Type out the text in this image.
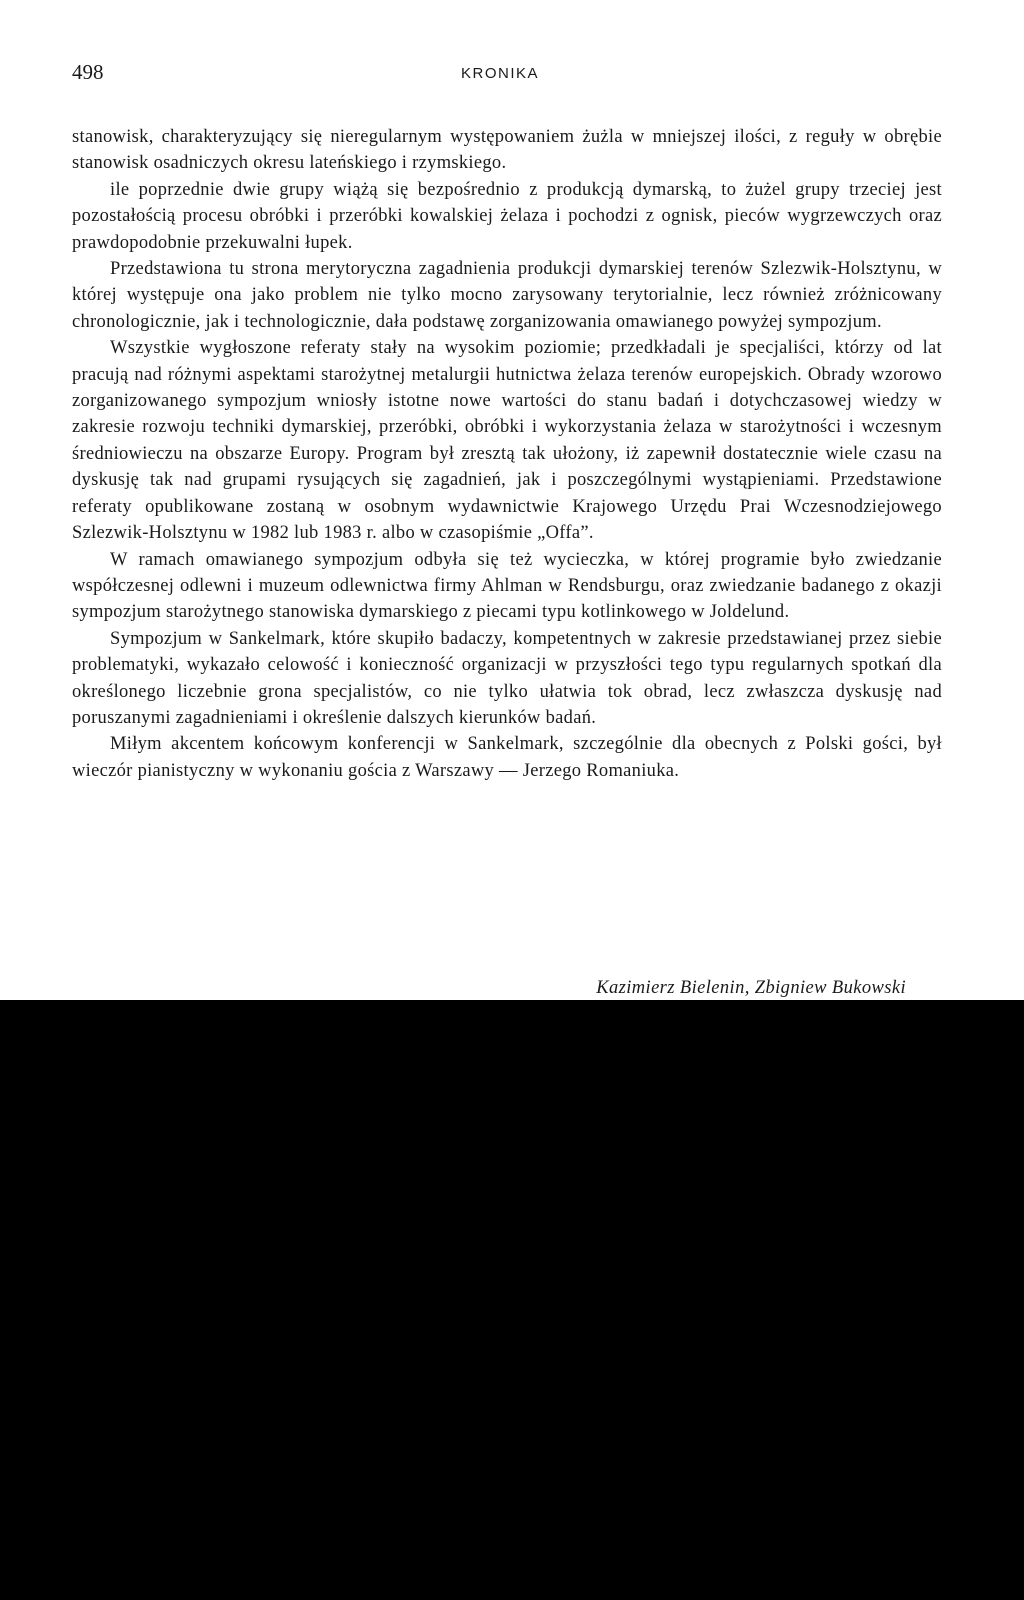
498	KRONIKA

stanowisk, charakteryzujący się nieregularnym występowaniem żużla w mniejszej ilości, z reguły w obrębie stanowisk osadniczych okresu lateńskiego i rzymskiego.

ile poprzednie dwie grupy wiążą się bezpośrednio z produkcją dymarską, to żużel grupy trzeciej jest pozostałością procesu obróbki i przeróbki kowalskiej żelaza i pochodzi z ognisk, pieców wygrzewczych oraz prawdopodobnie przekuwalni łupek.

Przedstawiona tu strona merytoryczna zagadnienia produkcji dymarskiej terenów Szlezwik-Holsztynu, w której występuje ona jako problem nie tylko mocno zarysowany terytorialnie, lecz również zróżnicowany chronologicznie, jak i technologicznie, dała podstawę zorganizowania omawianego powyżej sympozjum.

Wszystkie wygłoszone referaty stały na wysokim poziomie; przedkładali je specjaliści, którzy od lat pracują nad różnymi aspektami starożytnej metalurgii hutnictwa żelaza terenów europejskich. Obrady wzorowo zorganizowanego sympozjum wniosły istotne nowe wartości do stanu badań i dotychczasowej wiedzy w zakresie rozwoju techniki dymarskiej, przeróbki, obróbki i wykorzystania żelaza w starożytności i wczesnym średniowieczu na obszarze Europy. Program był zresztą tak ułożony, iż zapewnił dostatecznie wiele czasu na dyskusję tak nad grupami rysujących się zagadnień, jak i poszczególnymi wystąpieniami. Przedstawione referaty opublikowane zostaną w osobnym wydawnictwie Krajowego Urzędu Prai Wczesnodziejowego Szlezwik-Holsztynu w 1982 lub 1983 r. albo w czasopiśmie „Offa”.

W ramach omawianego sympozjum odbyła się też wycieczka, w której programie było zwiedzanie współczesnej odlewni i muzeum odlewnictwa firmy Ahlman w Rendsburgu, oraz zwiedzanie badanego z okazji sympozjum starożytnego stanowiska dymarskiego z piecami typu kotlinkowego w Joldelund.

Sympozjum w Sankelmark, które skupiło badaczy, kompetentnych w zakresie przedstawianej przez siebie problematyki, wykazało celowość i konieczność organizacji w przyszłości tego typu regularnych spotkań dla określonego liczebnie grona specjalistów, co nie tylko ułatwia tok obrad, lecz zwłaszcza dyskusję nad poruszanymi zagadnieniami i określenie dalszych kierunków badań.

Miłym akcentem końcowym konferencji w Sankelmark, szczególnie dla obecnych z Polski gości, był wieczór pianistyczny w wykonaniu gościa z Warszawy — Jerzego Romaniuka.

Kazimierz Bielenin, Zbigniew Bukowski
